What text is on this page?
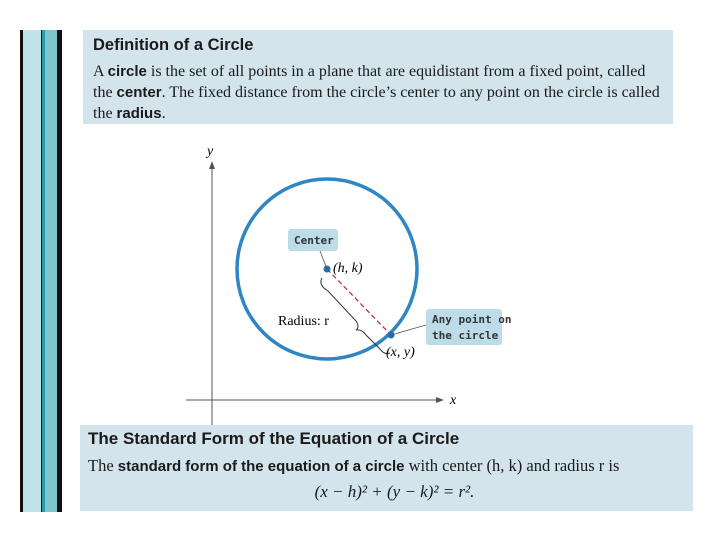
Definition of a Circle
A circle is the set of all points in a plane that are equidistant from a fixed point, called the center. The fixed distance from the circle’s center to any point on the circle is called the radius.
y
x
Center
(h, k)
Radius: r
(x, y)
Any point on
the circle
The Standard Form of the Equation of a Circle
The standard form of the equation of a circle with center (h, k) and radius r is
(x − h)² + (y − k)² = r².
